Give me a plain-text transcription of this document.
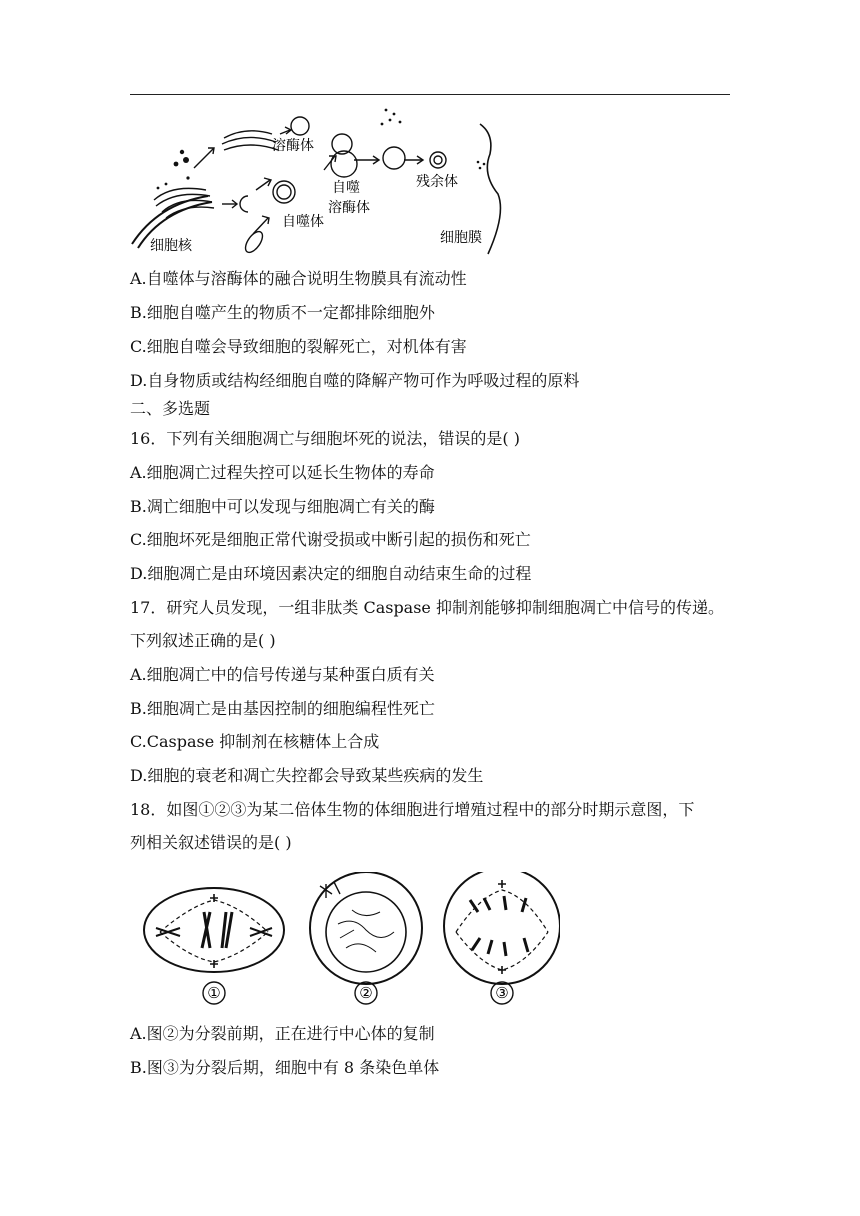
细胞核
溶酶体
自噬体
自噬
溶酶体
残余体
细胞膜
A.自噬体与溶酶体的融合说明生物膜具有流动性
B.细胞自噬产生的物质不一定都排除细胞外
C.细胞自噬会导致细胞的裂解死亡，对机体有害
D.自身物质或结构经细胞自噬的降解产物可作为呼吸过程的原料
二、多选题
16．下列有关细胞凋亡与细胞坏死的说法，错误的是( )
A.细胞凋亡过程失控可以延长生物体的寿命
B.凋亡细胞中可以发现与细胞凋亡有关的酶
C.细胞坏死是细胞正常代谢受损或中断引起的损伤和死亡
D.细胞凋亡是由环境因素决定的细胞自动结束生命的过程
17．研究人员发现，一组非肽类 Caspase 抑制剂能够抑制细胞凋亡中信号的传递。
下列叙述正确的是( )
A.细胞凋亡中的信号传递与某种蛋白质有关
B.细胞凋亡是由基因控制的细胞编程性死亡
C.Caspase 抑制剂在核糖体上合成
D.细胞的衰老和凋亡失控都会导致某些疾病的发生
18．如图①②③为某二倍体生物的体细胞进行增殖过程中的部分时期示意图，下
列相关叙述错误的是( )
①	②	③
A.图②为分裂前期，正在进行中心体的复制
B.图③为分裂后期，细胞中有 8 条染色单体
